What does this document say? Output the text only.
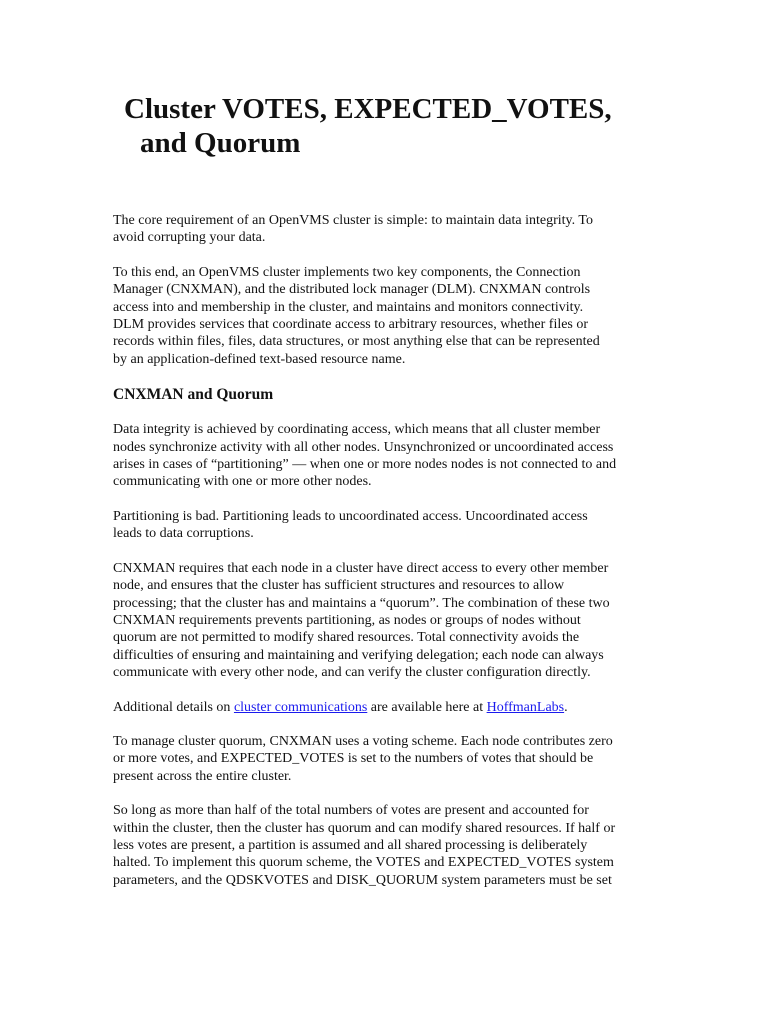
Cluster VOTES, EXPECTED_VOTES,
and Quorum

The core requirement of an OpenVMS cluster is simple: to maintain data integrity. To
avoid corrupting your data.

To this end, an OpenVMS cluster implements two key components, the Connection
Manager (CNXMAN), and the distributed lock manager (DLM). CNXMAN controls
access into and membership in the cluster, and maintains and monitors connectivity.
DLM provides services that coordinate access to arbitrary resources, whether files or
records within files, files, data structures, or most anything else that can be represented
by an application-defined text-based resource name.

CNXMAN and Quorum

Data integrity is achieved by coordinating access, which means that all cluster member
nodes synchronize activity with all other nodes. Unsynchronized or uncoordinated access
arises in cases of “partitioning” — when one or more nodes nodes is not connected to and
communicating with one or more other nodes.

Partitioning is bad. Partitioning leads to uncoordinated access. Uncoordinated access
leads to data corruptions.

CNXMAN requires that each node in a cluster have direct access to every other member
node, and ensures that the cluster has sufficient structures and resources to allow
processing; that the cluster has and maintains a “quorum”. The combination of these two
CNXMAN requirements prevents partitioning, as nodes or groups of nodes without
quorum are not permitted to modify shared resources. Total connectivity avoids the
difficulties of ensuring and maintaining and verifying delegation; each node can always
communicate with every other node, and can verify the cluster configuration directly.

Additional details on cluster communications are available here at HoffmanLabs.

To manage cluster quorum, CNXMAN uses a voting scheme. Each node contributes zero
or more votes, and EXPECTED_VOTES is set to the numbers of votes that should be
present across the entire cluster.

So long as more than half of the total numbers of votes are present and accounted for
within the cluster, then the cluster has quorum and can modify shared resources. If half or
less votes are present, a partition is assumed and all shared processing is deliberately
halted. To implement this quorum scheme, the VOTES and EXPECTED_VOTES system
parameters, and the QDSKVOTES and DISK_QUORUM system parameters must be set
